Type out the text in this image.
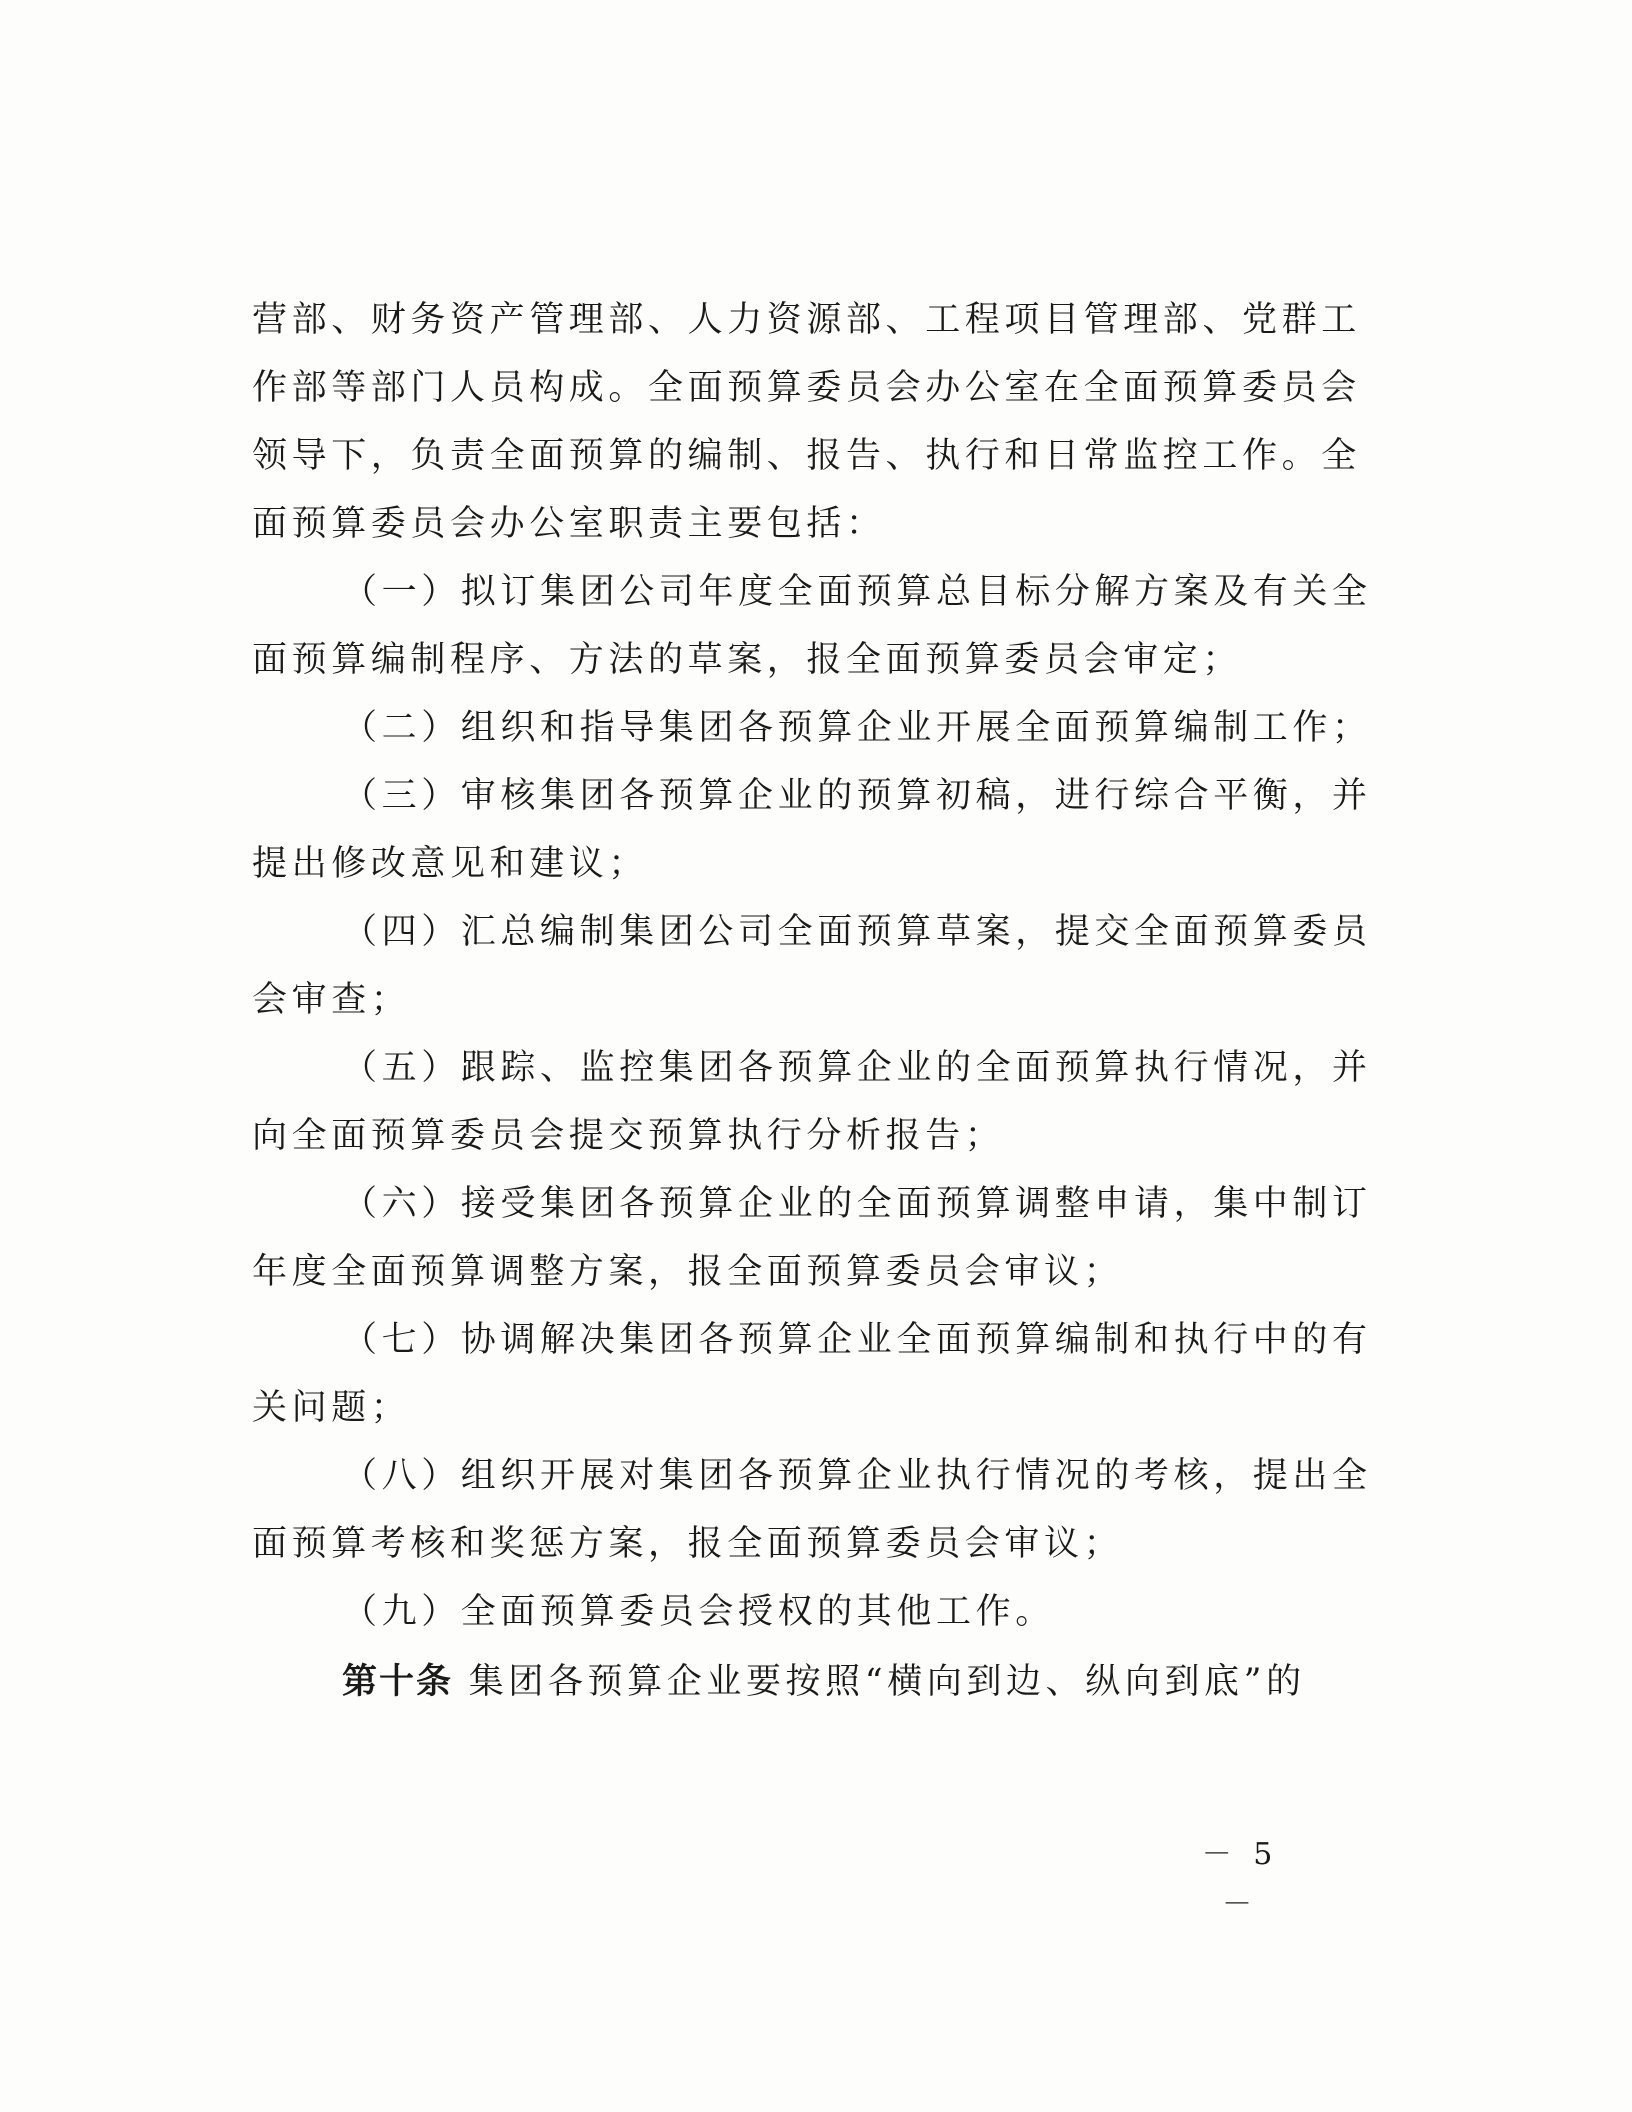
营部、财务资产管理部、人力资源部、工程项目管理部、党群工
作部等部门人员构成。全面预算委员会办公室在全面预算委员会
领导下，负责全面预算的编制、报告、执行和日常监控工作。全
面预算委员会办公室职责主要包括：
（一）拟订集团公司年度全面预算总目标分解方案及有关全
面预算编制程序、方法的草案，报全面预算委员会审定；
（二）组织和指导集团各预算企业开展全面预算编制工作；
（三）审核集团各预算企业的预算初稿，进行综合平衡，并
提出修改意见和建议；
（四）汇总编制集团公司全面预算草案，提交全面预算委员
会审查；
（五）跟踪、监控集团各预算企业的全面预算执行情况，并
向全面预算委员会提交预算执行分析报告；
（六）接受集团各预算企业的全面预算调整申请，集中制订
年度全面预算调整方案，报全面预算委员会审议；
（七）协调解决集团各预算企业全面预算编制和执行中的有
关问题；
（八）组织开展对集团各预算企业执行情况的考核，提出全
面预算考核和奖惩方案，报全面预算委员会审议；
（九）全面预算委员会授权的其他工作。
第十条 集团各预算企业要按照“横向到边、纵向到底”的
－ 5 －
